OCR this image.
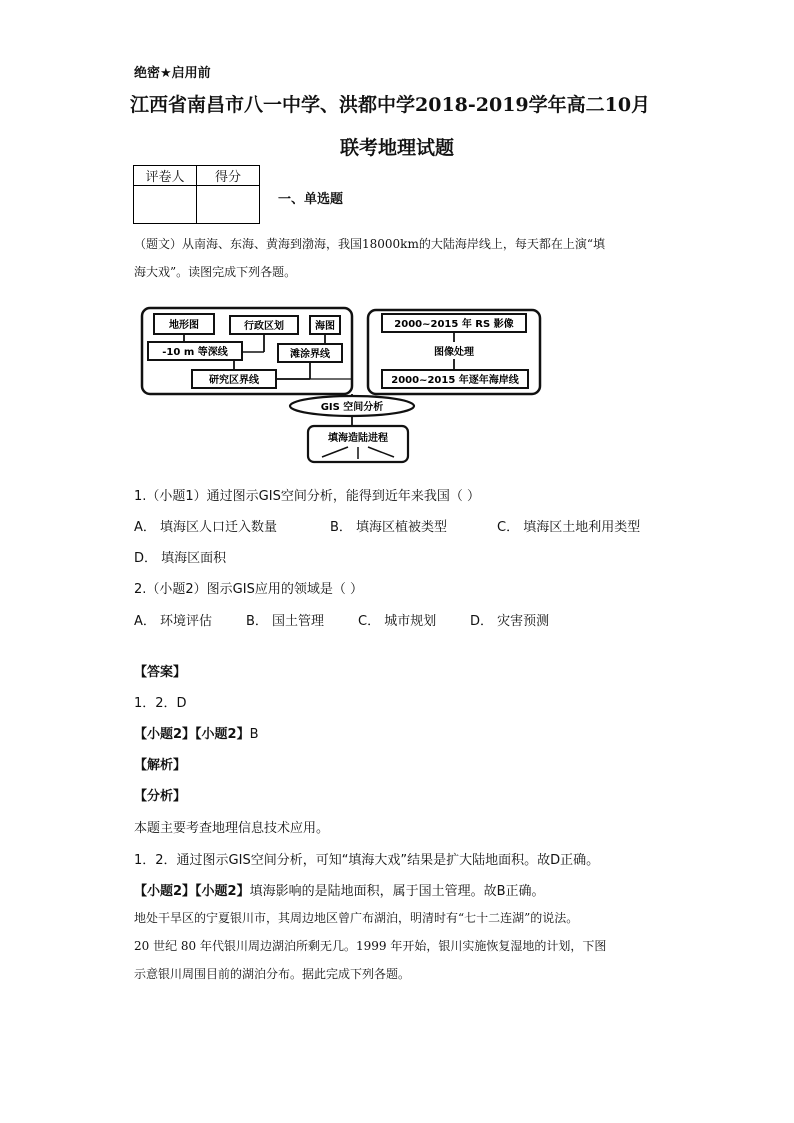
绝密★启用前
江西省南昌市八一中学、洪都中学2018-2019学年高二10月
联考地理试题
评卷人	得分

一、单选题
（题文）从南海、东海、黄海到渤海，我国18000km的大陆海岸线上，每天都在上演“填
海大戏”。读图完成下列各题。
地形图	行政区划	海图
-10 m 等深线	滩涂界线
研究区界线
2000~2015 年 RS 影像
图像处理
2000~2015 年逐年海岸线
GIS 空间分析
填海造陆进程
1.（小题1）通过图示GIS空间分析，能得到近年来我国（ ）
A． 填海区人口迁入数量	B． 填海区植被类型	C． 填海区土地利用类型
D． 填海区面积
2.（小题2）图示GIS应用的领域是（ ）
A． 环境评估	B． 国土管理	C． 城市规划	D． 灾害预测
【答案】
1．2．D
【小题2】【小题2】B
【解析】
【分析】
本题主要考查地理信息技术应用。
1．2．通过图示GIS空间分析，可知“填海大戏”结果是扩大陆地面积。故D正确。
【小题2】【小题2】填海影响的是陆地面积，属于国土管理。故B正确。
地处干旱区的宁夏银川市，其周边地区曾广布湖泊，明清时有“七十二连湖”的说法。
20 世纪 80 年代银川周边湖泊所剩无几。1999 年开始，银川实施恢复湿地的计划，下图
示意银川周围目前的湖泊分布。据此完成下列各题。
